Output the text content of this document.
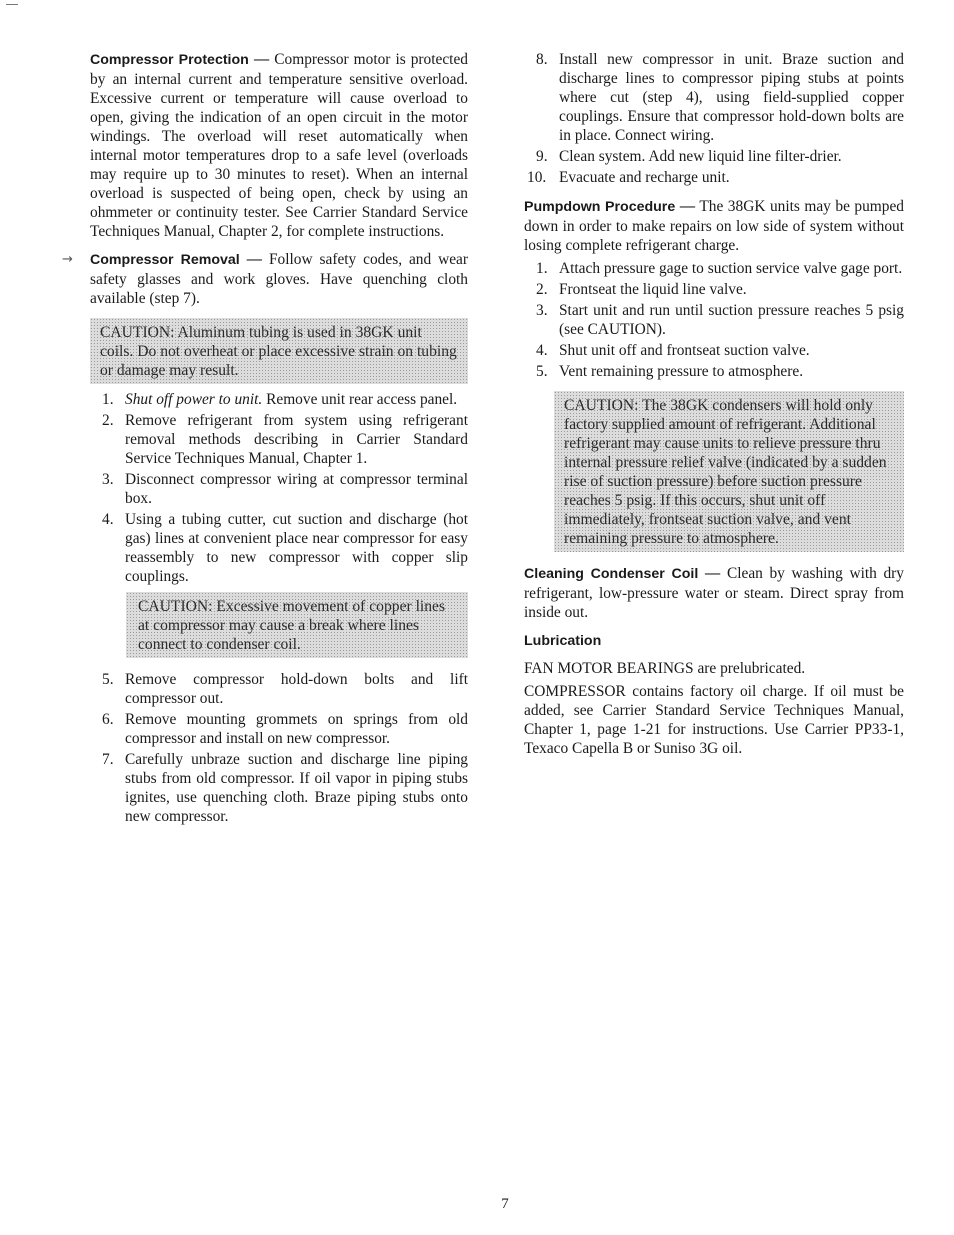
Compressor Protection — Compressor motor is protected by an internal current and temperature sensitive overload. Excessive current or temperature will cause overload to open, giving the indication of an open circuit in the motor windings. The overload will reset automatically when internal motor temperatures drop to a safe level (overloads may require up to 30 minutes to reset). When an internal overload is suspected of being open, check by using an ohmmeter or continuity tester. See Carrier Standard Service Techniques Manual, Chapter 2, for complete instructions.

→ Compressor Removal — Follow safety codes, and wear safety glasses and work gloves. Have quenching cloth available (step 7).

CAUTION: Aluminum tubing is used in 38GK unit coils. Do not overheat or place excessive strain on tubing or damage may result.
1. Shut off power to unit. Remove unit rear access panel.
2. Remove refrigerant from system using refrigerant removal methods describing in Carrier Standard Service Techniques Manual, Chapter 1.
3. Disconnect compressor wiring at compressor terminal box.
4. Using a tubing cutter, cut suction and discharge (hot gas) lines at convenient place near compressor for easy reassembly to new compressor with copper slip couplings.
CAUTION: Excessive movement of copper lines at compressor may cause a break where lines connect to condenser coil.
5. Remove compressor hold-down bolts and lift compressor out.
6. Remove mounting grommets on springs from old compressor and install on new compressor.
7. Carefully unbraze suction and discharge line piping stubs from old compressor. If oil vapor in piping stubs ignites, use quenching cloth. Braze piping stubs onto new compressor.
8. Install new compressor in unit. Braze suction and discharge lines to compressor piping stubs at points where cut (step 4), using field-supplied copper couplings. Ensure that compressor hold-down bolts are in place. Connect wiring.
9. Clean system. Add new liquid line filter-drier.
10. Evacuate and recharge unit.

Pumpdown Procedure — The 38GK units may be pumped down in order to make repairs on low side of system without losing complete refrigerant charge.

1. Attach pressure gage to suction service valve gage port.
2. Frontseat the liquid line valve.
3. Start unit and run until suction pressure reaches 5 psig (see CAUTION).
4. Shut unit off and frontseat suction valve.
5. Vent remaining pressure to atmosphere.
CAUTION: The 38GK condensers will hold only factory supplied amount of refrigerant. Additional refrigerant may cause units to relieve pressure thru internal pressure relief valve (indicated by a sudden rise of suction pressure) before suction pressure reaches 5 psig. If this occurs, shut unit off immediately, frontseat suction valve, and vent remaining pressure to atmosphere.

Cleaning Condenser Coil — Clean by washing with dry refrigerant, low-pressure water or steam. Direct spray from inside out.

Lubrication

FAN MOTOR BEARINGS are prelubricated.

COMPRESSOR contains factory oil charge. If oil must be added, see Carrier Standard Service Techniques Manual, Chapter 1, page 1-21 for instructions. Use Carrier PP33-1, Texaco Capella B or Suniso 3G oil.

7
